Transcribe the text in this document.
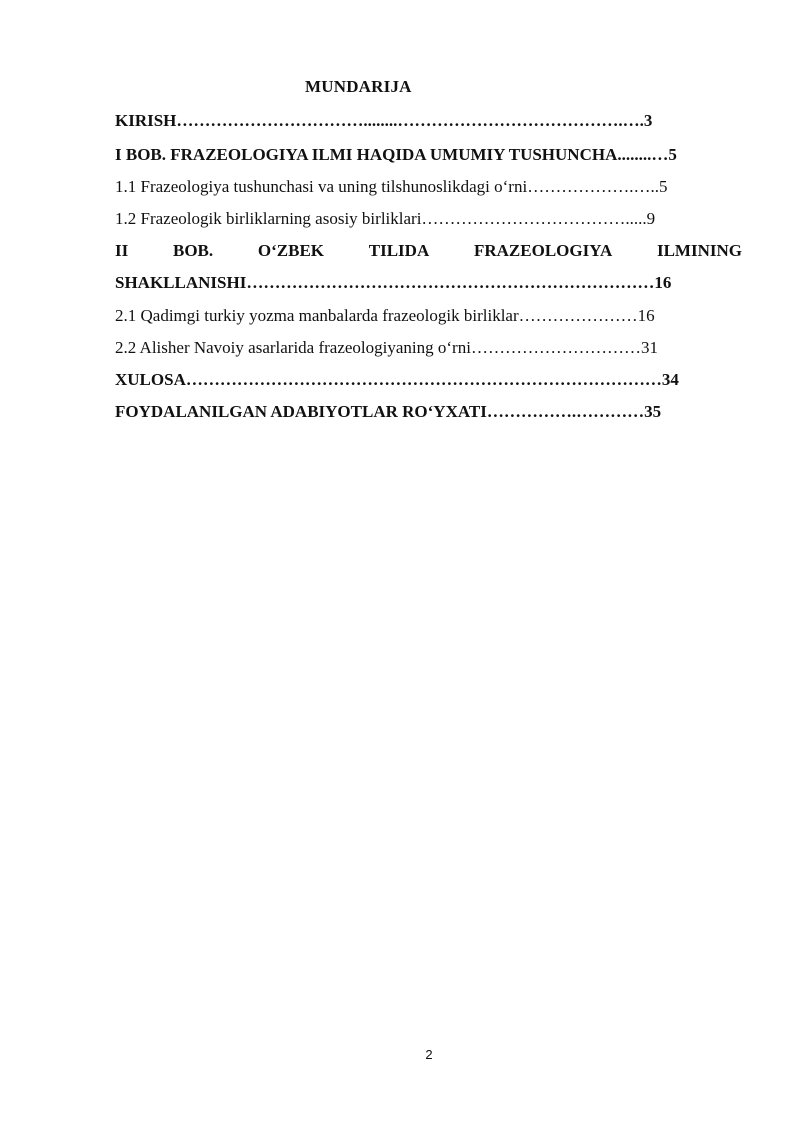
MUNDARIJA
KIRISH……………………………........………………………………….….3
I BOB. FRAZEOLOGIYA ILMI HAQIDA UMUMIY TUSHUNCHA........…5
1.1 Frazeologiya tushunchasi va uning tilshunoslikdagi o‘rni……………….…..5
1.2 Frazeologik birliklarning asosiy birliklari……………………………….....9
II	BOB.	O‘ZBEK	TILIDA	FRAZEOLOGIYA	ILMINING
SHAKLLANISHI………………………………………………………………16
2.1 Qadimgi turkiy yozma manbalarda frazeologik birliklar…………………16
2.2 Alisher Navoiy asarlarida frazeologiyaning o‘rni…………………………31
XULOSA…………………………………………………………………………34
FOYDALANILGAN ADABIYOTLAR RO‘YXATI…………….…………35
2
